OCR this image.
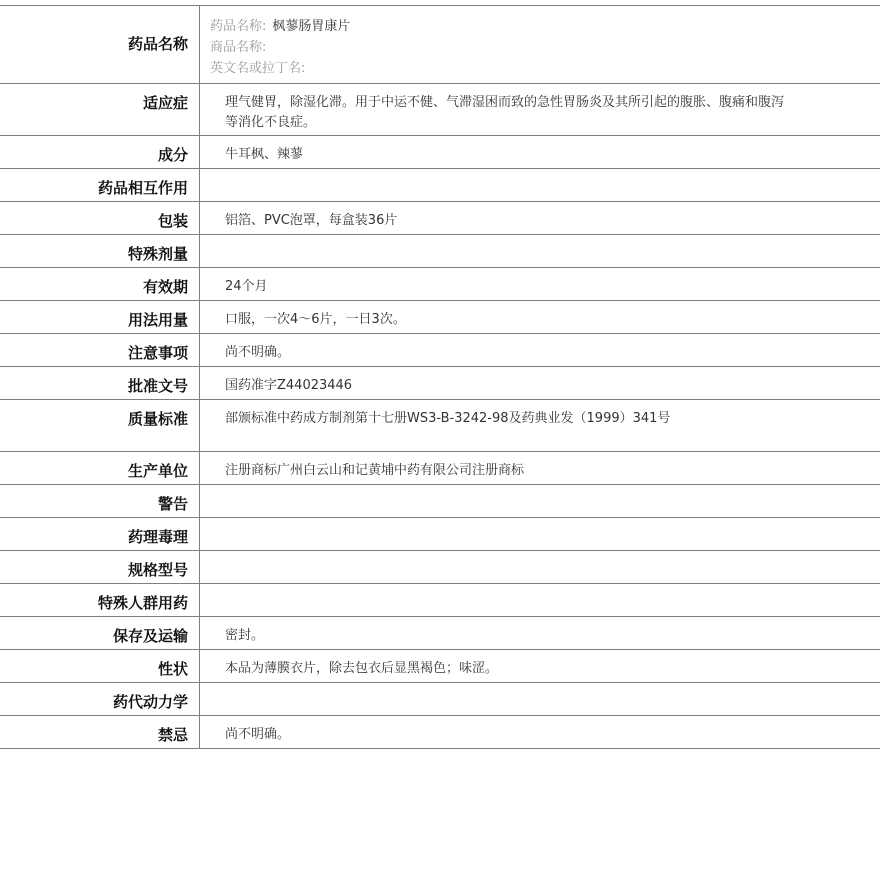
药品名称
药品名称: 枫蓼肠胃康片
商品名称:
英文名或拉丁名:
适应症	理气健胃，除湿化滞。用于中运不健、气滞湿困而致的急性胃肠炎及其所引起的腹胀、腹痛和腹泻等消化不良症。
成分	牛耳枫、辣蓼
药品相互作用
包装	铝箔、PVC泡罩，每盒装36片
特殊剂量
有效期	24个月
用法用量	口服，一次4～6片，一日3次。
注意事项	尚不明确。
批准文号	国药准字Z44023446
质量标准	部颁标准中药成方制剂第十七册WS3-B-3242-98及药典业发（1999）341号
生产单位	注册商标广州白云山和记黄埔中药有限公司注册商标
警告
药理毒理
规格型号
特殊人群用药
保存及运输	密封。
性状	本品为薄膜衣片，除去包衣后显黑褐色；味涩。
药代动力学
禁忌	尚不明确。
